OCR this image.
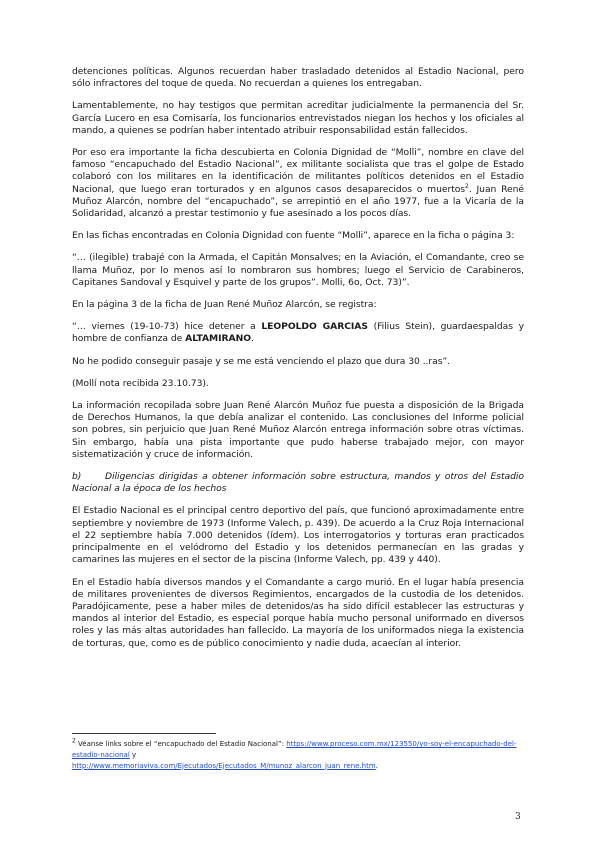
detenciones políticas. Algunos recuerdan haber trasladado detenidos al Estadio Nacional, pero sólo infractores del toque de queda. No recuerdan a quienes los entregaban.

Lamentablemente, no hay testigos que permitan acreditar judicialmente la permanencia del Sr. García Lucero en esa Comisaría, los funcionarios entrevistados niegan los hechos y los oficiales al mando, a quienes se podrían haber intentado atribuir responsabilidad están fallecidos.

Por eso era importante la ficha descubierta en Colonia Dignidad de “Molli”, nombre en clave del famoso “encapuchado del Estadio Nacional”, ex militante socialista que tras el golpe de Estado colaboró con los militares en la identificación de militantes políticos detenidos en el Estadio Nacional, que luego eran torturados y en algunos casos desaparecidos o muertos$^2$. Juan René Muñoz Alarcón, nombre del “encapuchado”, se arrepintió en el año 1977, fue a la Vicaría de la Solidaridad, alcanzó a prestar testimonio y fue asesinado a los pocos días.

En las fichas encontradas en Colonia Dignidad con fuente “Molli”, aparece en la ficha o página 3:

“… (ilegible) trabajé con la Armada, el Capitán Monsalves; en la Aviación, el Comandante, creo se llama Muñoz, por lo menos así lo nombraron sus hombres; luego el Servicio de Carabineros, Capitanes Sandoval y Esquivel y parte de los grupos”. Molli, 6o, Oct. 73)”.

En la página 3 de la ficha de Juan René Muñoz Alarcón, se registra:

“… viernes (19-10-73) hice detener a LEOPOLDO GARCIAS (Filius Stein), guardaespaldas y hombre de confianza de ALTAMIRANO.

No he podido conseguir pasaje y se me está venciendo el plazo que dura 30 ..ras”.

(Mollí nota recibida 23.10.73).

La información recopilada sobre Juan René Alarcón Muñoz fue puesta a disposición de la Brigada de Derechos Humanos, la que debía analizar el contenido. Las conclusiones del Informe policial son pobres, sin perjuicio que Juan René Muñoz Alarcón entrega información sobre otras víctimas. Sin embargo, había una pista importante que pudo haberse trabajado mejor, con mayor sistematización y cruce de información.

b)	Diligencias dirigidas a obtener información sobre estructura, mandos y otros del Estadio Nacional a la época de los hechos

El Estadio Nacional es el principal centro deportivo del país, que funcionó aproximadamente entre septiembre y noviembre de 1973 (Informe Valech, p. 439). De acuerdo a la Cruz Roja Internacional el 22 septiembre había 7.000 detenidos (ídem). Los interrogatorios y torturas eran practicados principalmente en el velódromo del Estadio y los detenidos permanecían en las gradas y camarines las mujeres en el sector de la piscina (Informe Valech, pp. 439 y 440).

En el Estadio había diversos mandos y el Comandante a cargo murió. En el lugar había presencia de militares provenientes de diversos Regimientos, encargados de la custodia de los detenidos. Paradójicamente, pese a haber miles de detenidos/as ha sido difícil establecer las estructuras y mandos al interior del Estadio, es especial porque había mucho personal uniformado en diversos roles y las más altas autoridades han fallecido. La mayoría de los uniformados niega la existencia de torturas, que, como es de público conocimiento y nadie duda, acaecían al interior.

$^2$ Véanse links sobre el “encapuchado del Estadio Nacional”: https://www.proceso.com.mx/123550/yo-soy-el-encapuchado-del-estadio-nacional y
http://www.memoriaviva.com/Ejecutados/Ejecutados_M/munoz_alarcon_juan_rene.htm.
3
